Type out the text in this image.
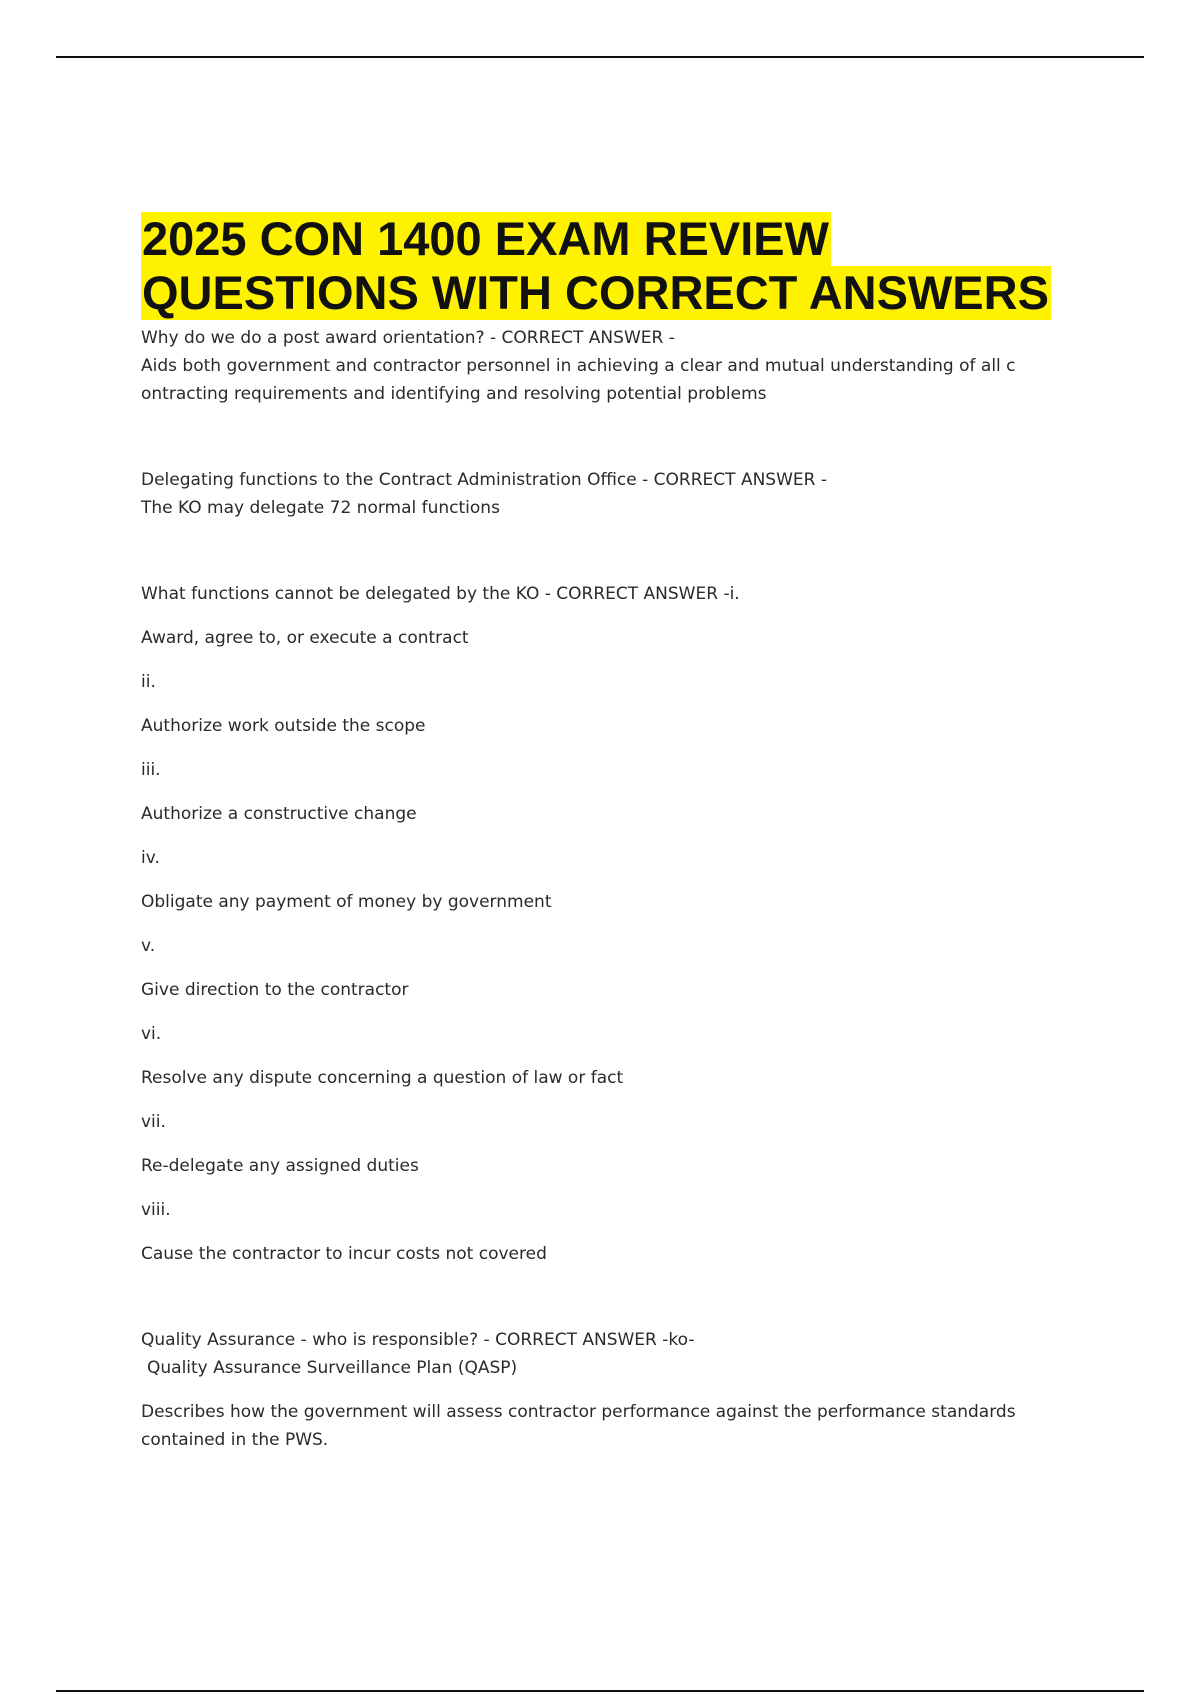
2025 CON 1400 EXAM REVIEW
QUESTIONS WITH CORRECT ANSWERS

Why do we do a post award orientation? - CORRECT ANSWER -

Aids both government and contractor personnel in achieving a clear and mutual understanding of all c

ontracting requirements and identifying and resolving potential problems

Delegating functions to the Contract Administration Office - CORRECT ANSWER -

The KO may delegate 72 normal functions

What functions cannot be delegated by the KO - CORRECT ANSWER -i.

Award, agree to, or execute a contract

ii.

Authorize work outside the scope

iii.

Authorize a constructive change

iv.

Obligate any payment of money by government

v.

Give direction to the contractor

vi.

Resolve any dispute concerning a question of law or fact

vii.

Re-delegate any assigned duties

viii.

Cause the contractor to incur costs not covered

Quality Assurance - who is responsible? - CORRECT ANSWER -ko-

Quality Assurance Surveillance Plan (QASP)

Describes how the government will assess contractor performance against the performance standards

contained in the PWS.
